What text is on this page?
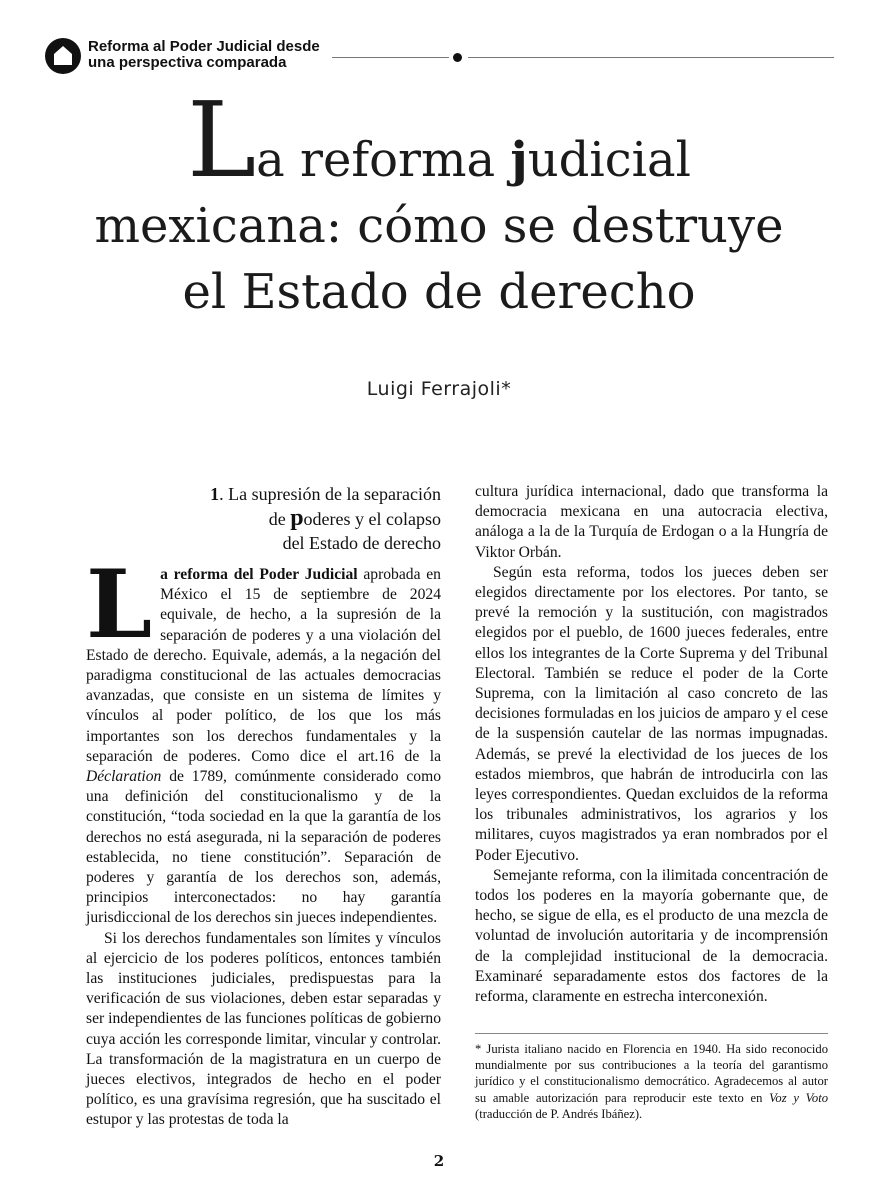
Reforma al Poder Judicial desde
una perspectiva comparada
La reforma judicial
mexicana: cómo se destruye
el Estado de derecho
Luigi Ferrajoli*
1. La supresión de la separación
de poderes y el colapso
del Estado de derecho

La reforma del Poder Judicial aprobada en México el 15 de septiembre de 2024 equivale, de hecho, a la supresión de la separación de poderes y a una violación del Estado de derecho. Equivale, además, a la negación del paradigma constitucional de las actuales democracias avanzadas, que consiste en un sistema de límites y vínculos al poder político, de los que los más importantes son los derechos fundamentales y la separación de poderes. Como dice el art.16 de la Déclaration de 1789, comúnmente considerado como una definición del constitucionalismo y de la constitución, “toda sociedad en la que la garantía de los derechos no está asegurada, ni la separación de poderes establecida, no tiene constitución”. Separación de poderes y garantía de los derechos son, además, principios interconectados: no hay garantía jurisdiccional de los derechos sin jueces independientes.

Si los derechos fundamentales son límites y vínculos al ejercicio de los poderes políticos, entonces también las instituciones judiciales, predispuestas para la verificación de sus violaciones, deben estar separadas y ser independientes de las funciones políticas de gobierno cuya acción les corresponde limitar, vincular y controlar. La transformación de la magistratura en un cuerpo de jueces electivos, integrados de hecho en el poder político, es una gravísima regresión, que ha suscitado el estupor y las protestas de toda la

cultura jurídica internacional, dado que transforma la democracia mexicana en una autocracia electiva, análoga a la de la Turquía de Erdogan o a la Hungría de Viktor Orbán.

Según esta reforma, todos los jueces deben ser elegidos directamente por los electores. Por tanto, se prevé la remoción y la sustitución, con magistrados elegidos por el pueblo, de 1600 jueces federales, entre ellos los integrantes de la Corte Suprema y del Tribunal Electoral. También se reduce el poder de la Corte Suprema, con la limitación al caso concreto de las decisiones formuladas en los juicios de amparo y el cese de la suspensión cautelar de las normas impugnadas. Además, se prevé la electividad de los jueces de los estados miembros, que habrán de introducirla con las leyes correspondientes. Quedan excluidos de la reforma los tribunales administrativos, los agrarios y los militares, cuyos magistrados ya eran nombrados por el Poder Ejecutivo.

Semejante reforma, con la ilimitada concentración de todos los poderes en la mayoría gobernante que, de hecho, se sigue de ella, es el producto de una mezcla de voluntad de involución autoritaria y de incomprensión de la complejidad institucional de la democracia. Examinaré separadamente estos dos factores de la reforma, claramente en estrecha interconexión.

* Jurista italiano nacido en Florencia en 1940. Ha sido reconocido mundialmente por sus contribuciones a la teoría del garantismo jurídico y el constitucionalismo democrático. Agradecemos al autor su amable autorización para reproducir este texto en Voz y Voto (traducción de P. Andrés Ibáñez).
2
